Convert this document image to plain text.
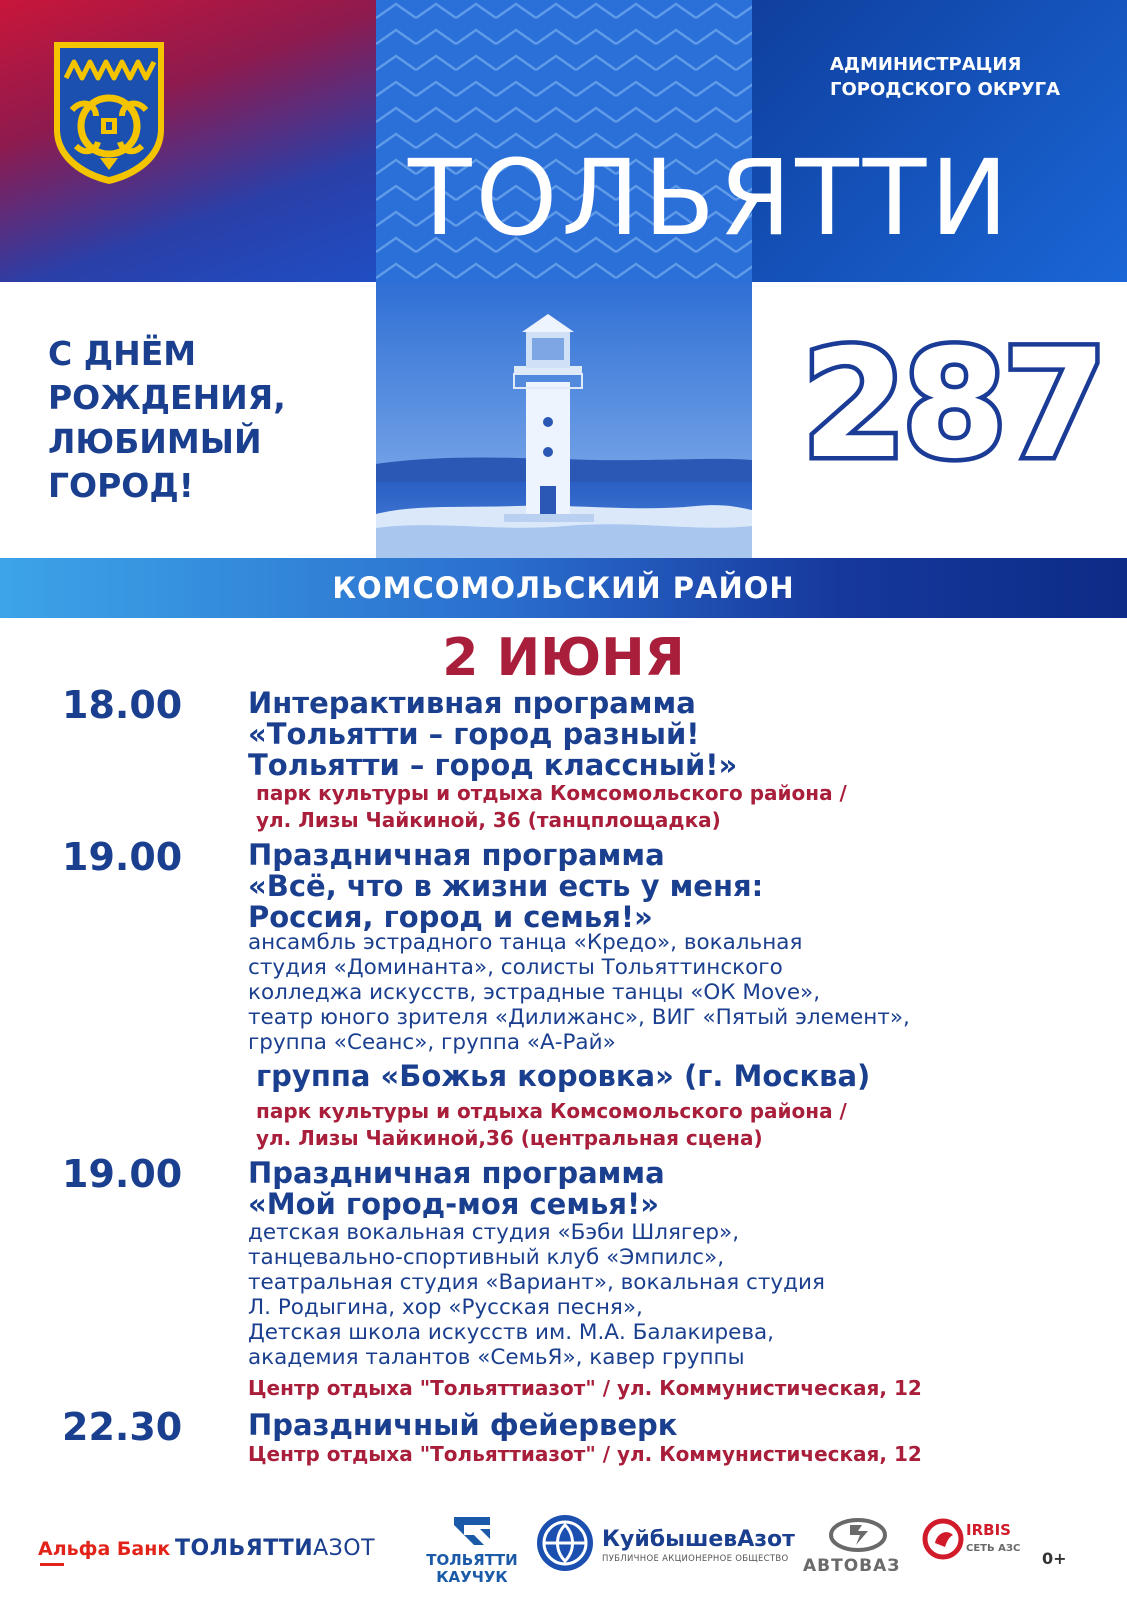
АДМИНИСТРАЦИЯ
ГОРОДСКОГО ОКРУГА
ТОЛЬЯТТИ
С ДНЁМ
РОЖДЕНИЯ,
ЛЮБИМЫЙ
ГОРОД!	287
КОМСОМОЛЬСКИЙ РАЙОН
2 ИЮНЯ
18.00 Интерактивная программа
«Тольятти – город разный!
Тольятти – город классный!»
парк культуры и отдыха Комсомольского района /
ул. Лизы Чайкиной, 36 (танцплощадка)
19.00 Праздничная программа
«Всё, что в жизни есть у меня:
Россия, город и семья!»
ансамбль эстрадного танца «Кредо», вокальная
студия «Доминанта», солисты Тольяттинского
колледжа искусств, эстрадные танцы «ОК Move»,
театр юного зрителя «Дилижанс», ВИГ «Пятый элемент»,
группа «Сеанс», группа «А-Рай»
группа «Божья коровка» (г. Москва)
парк культуры и отдыха Комсомольского района /
ул. Лизы Чайкиной,36 (центральная сцена)
19.00 Праздничная программа
«Мой город-моя семья!»
детская вокальная студия «Бэби Шлягер»,
танцевально-спортивный клуб «Эмпилс»,
театральная студия «Вариант», вокальная студия
Л. Родыгина, хор «Русская песня»,
Детская школа искусств им. М.А. Балакирева,
академия талантов «СемьЯ», кавер группы
Центр отдыха "Тольяттиазот" / ул. Коммунистическая, 12
22.30 Праздничный фейерверк
Центр отдыха "Тольяттиазот" / ул. Коммунистическая, 12
Альфа Банк ТОЛЬЯТТИАЗОТ	ТОЛЬЯТТИ
КАУЧУК
КуйбышевАзот
ПУБЛИЧНОЕ АКЦИОНЕРНОЕ ОБЩЕСТВО АВТОВАЗ
IRBIS
СЕТЬ АЗС
0+
